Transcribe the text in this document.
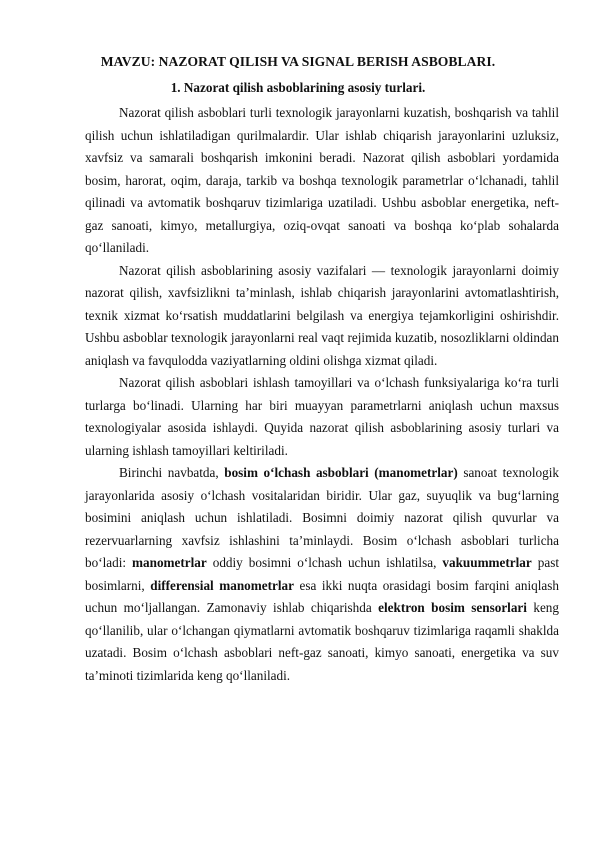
MAVZU: NAZORAT QILISH VA SIGNAL BERISH ASBOBLARI.
1. Nazorat qilish asboblarining asosiy turlari.

Nazorat qilish asboblari turli texnologik jarayonlarni kuzatish, boshqarish va tahlil qilish uchun ishlatiladigan qurilmalardir. Ular ishlab chiqarish jarayonlarini uzluksiz, xavfsiz va samarali boshqarish imkonini beradi. Nazorat qilish asboblari yordamida bosim, harorat, oqim, daraja, tarkib va boshqa texnologik parametrlar oʻlchanadi, tahlil qilinadi va avtomatik boshqaruv tizimlariga uzatiladi. Ushbu asboblar energetika, neft-gaz sanoati, kimyo, metallurgiya, oziq-ovqat sanoati va boshqa koʻplab sohalarda qoʻllaniladi.

Nazorat qilish asboblarining asosiy vazifalari — texnologik jarayonlarni doimiy nazorat qilish, xavfsizlikni taʼminlash, ishlab chiqarish jarayonlarini avtomatlashtirish, texnik xizmat koʻrsatish muddatlarini belgilash va energiya tejamkorligini oshirishdir. Ushbu asboblar texnologik jarayonlarni real vaqt rejimida kuzatib, nosozliklarni oldindan aniqlash va favqulodda vaziyatlarning oldini olishga xizmat qiladi.

Nazorat qilish asboblari ishlash tamoyillari va oʻlchash funksiyalariga koʻra turli turlarga boʻlinadi. Ularning har biri muayyan parametrlarni aniqlash uchun maxsus texnologiyalar asosida ishlaydi. Quyida nazorat qilish asboblarining asosiy turlari va ularning ishlash tamoyillari keltiriladi.

Birinchi navbatda, bosim oʻlchash asboblari (manometrlar) sanoat texnologik jarayonlarida asosiy oʻlchash vositalaridan biridir. Ular gaz, suyuqlik va bugʻlarning bosimini aniqlash uchun ishlatiladi. Bosimni doimiy nazorat qilish quvurlar va rezervuarlarning xavfsiz ishlashini taʼminlaydi. Bosim oʻlchash asboblari turlicha boʻladi: manometrlar oddiy bosimni oʻlchash uchun ishlatilsa, vakuummetrlar past bosimlarni, differensial manometrlar esa ikki nuqta orasidagi bosim farqini aniqlash uchun moʻljallangan. Zamonaviy ishlab chiqarishda elektron bosim sensorlari keng qoʻllanilib, ular oʻlchangan qiymatlarni avtomatik boshqaruv tizimlariga raqamli shaklda uzatadi. Bosim oʻlchash asboblari neft-gaz sanoati, kimyo sanoati, energetika va suv taʼminoti tizimlarida keng qoʻllaniladi.
